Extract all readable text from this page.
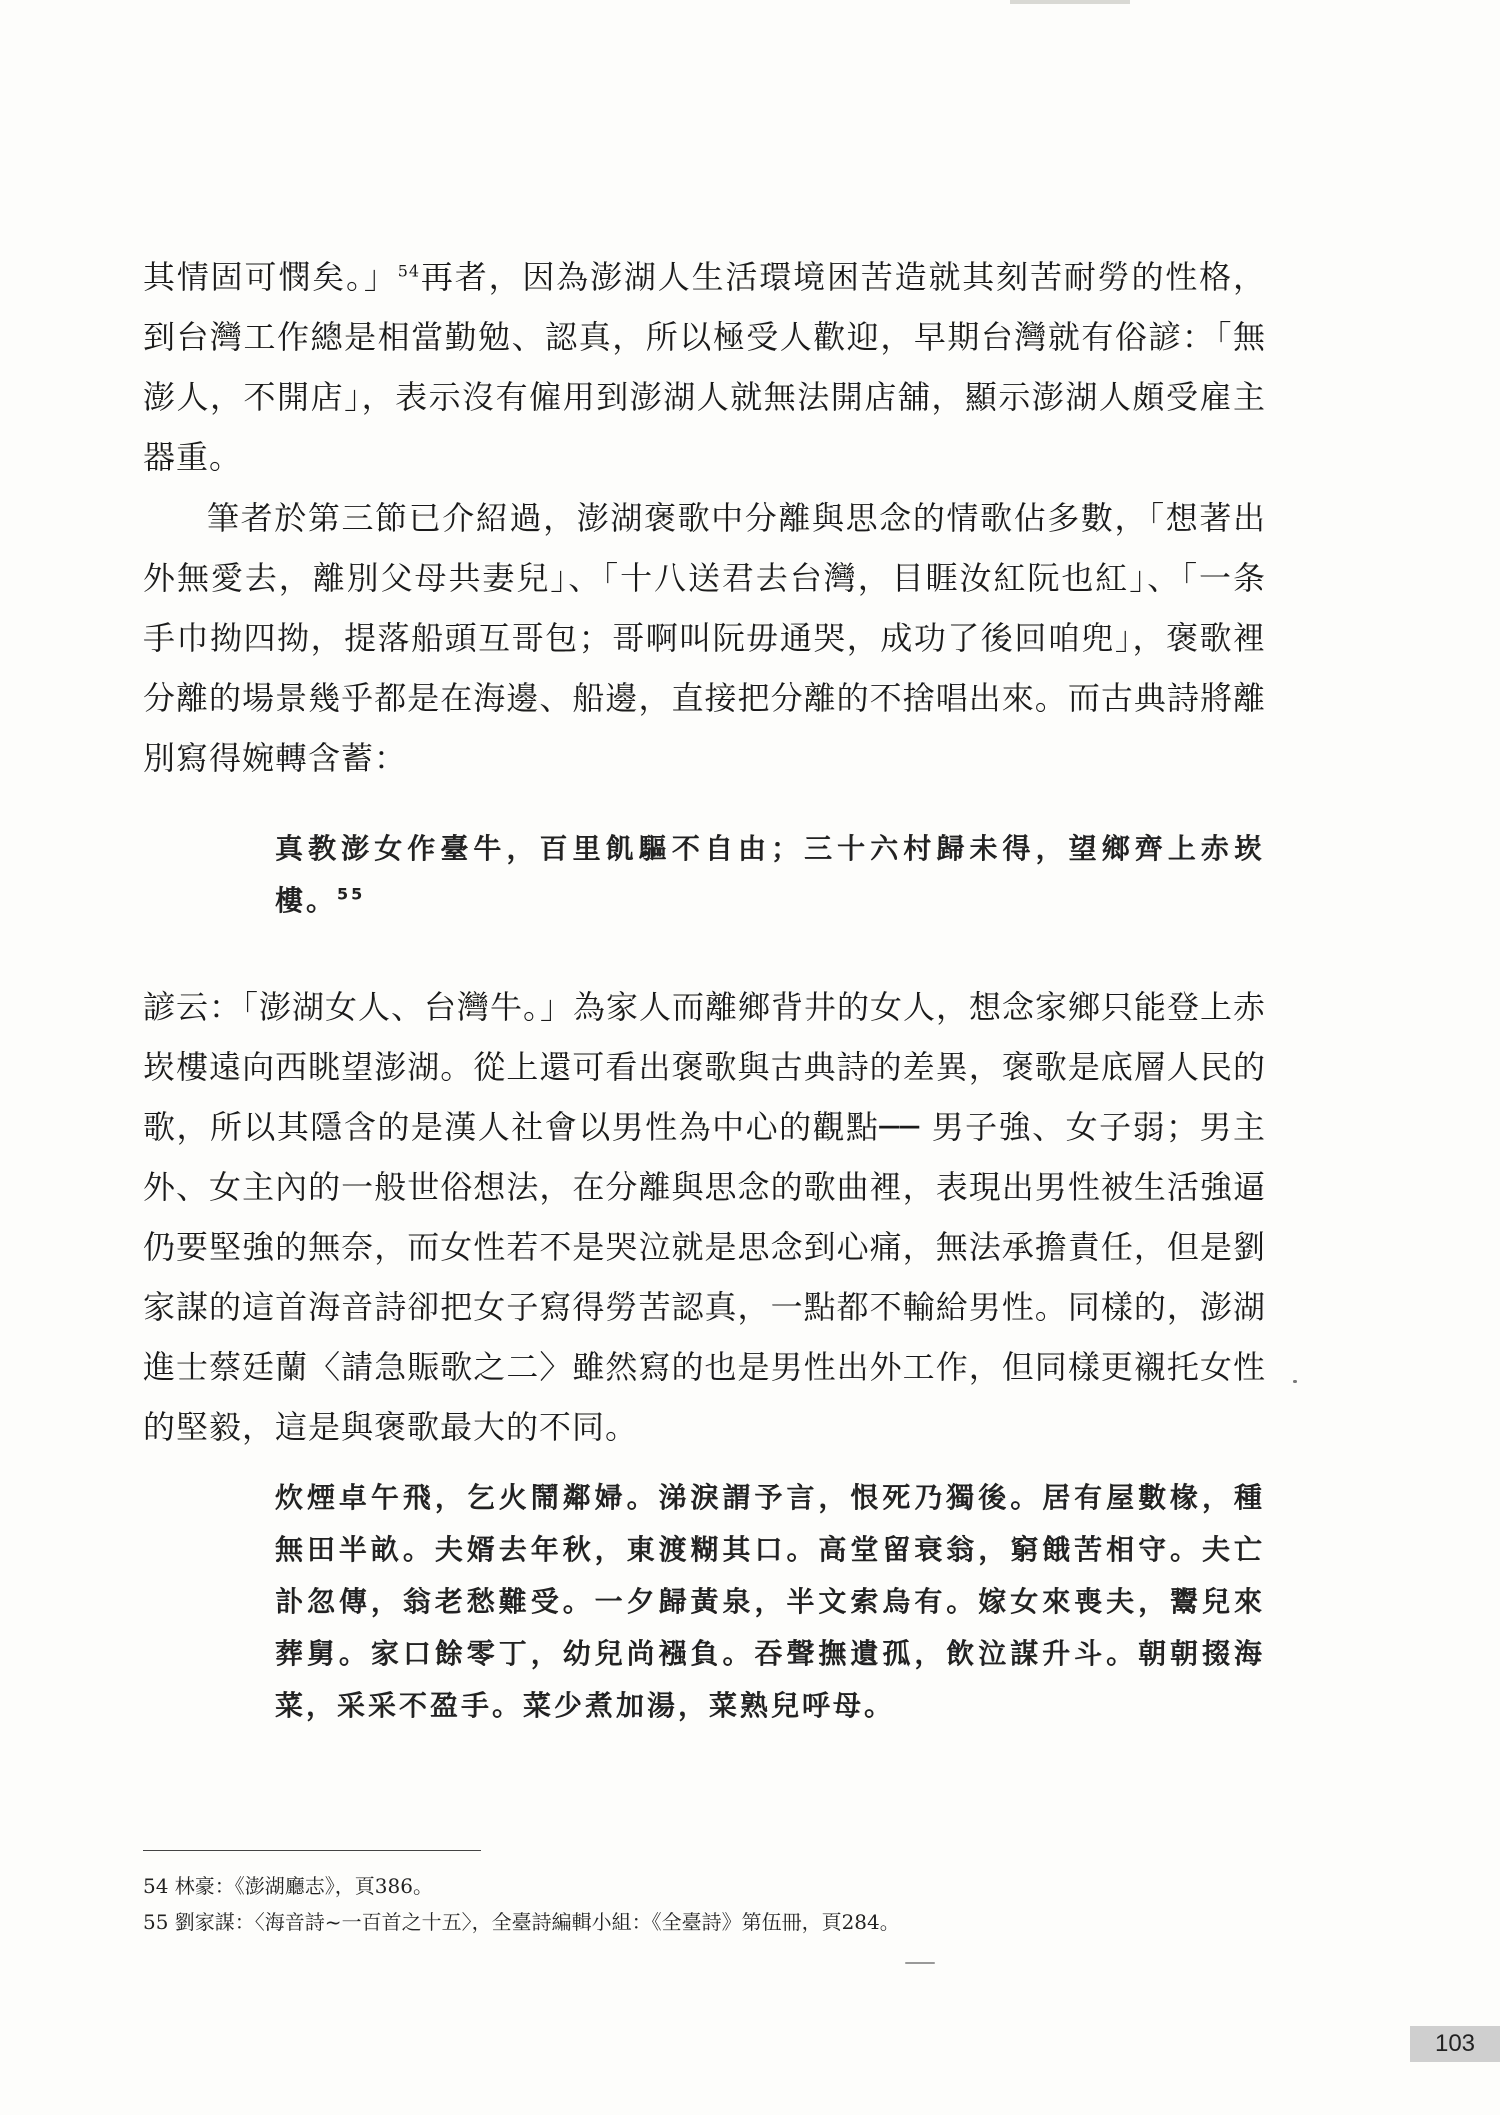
其情固可憫矣。」$^{54}$再者，因為澎湖人生活環境困苦造就其刻苦耐勞的性格，到台灣工作總是相當勤勉、認真，所以極受人歡迎，早期台灣就有俗諺：「無澎人，不開店」，表示沒有僱用到澎湖人就無法開店舖，顯示澎湖人頗受雇主器重。

筆者於第三節已介紹過，澎湖褒歌中分離與思念的情歌佔多數，「想著出外無愛去，離別父母共妻兒」、「十八送君去台灣，目睚汝紅阮也紅」、「一条手巾拗四拗，提落船頭互哥包；哥啊叫阮毋通哭，成功了後回咱兜」，褒歌裡分離的場景幾乎都是在海邊、船邊，直接把分離的不捨唱出來。而古典詩將離別寫得婉轉含蓄：

真教澎女作臺牛，百里飢驅不自由；三十六村歸未得，望鄉齊上赤崁樓。$^{55}$

諺云：「澎湖女人、台灣牛。」為家人而離鄉背井的女人，想念家鄉只能登上赤崁樓遠向西眺望澎湖。從上還可看出褒歌與古典詩的差異，褒歌是底層人民的歌，所以其隱含的是漢人社會以男性為中心的觀點── 男子強、女子弱；男主外、女主內的一般世俗想法，在分離與思念的歌曲裡，表現出男性被生活強逼仍要堅強的無奈，而女性若不是哭泣就是思念到心痛，無法承擔責任，但是劉家謀的這首海音詩卻把女子寫得勞苦認真，一點都不輸給男性。同樣的，澎湖進士蔡廷蘭〈請急賑歌之二〉雖然寫的也是男性出外工作，但同樣更襯托女性的堅毅，這是與褒歌最大的不同。

炊煙卓午飛，乞火鬧鄰婦。涕淚謂予言，恨死乃獨後。居有屋數椽，種無田半畝。夫婿去年秋，東渡糊其口。高堂留衰翁，窮餓苦相守。夫亡訃忽傳，翁老愁難受。一夕歸黃泉，半文索烏有。嫁女來喪夫，鬻兒來葬舅。家口餘零丁，幼兒尚襁負。吞聲撫遺孤，飲泣謀升斗。朝朝掇海菜，采采不盈手。菜少煮加湯，菜熟兒呼母。

54 林豪：《澎湖廳志》，頁386。
55 劉家謀：〈海音詩~一百首之十五〉，全臺詩編輯小組：《全臺詩》第伍冊，頁284。
103
